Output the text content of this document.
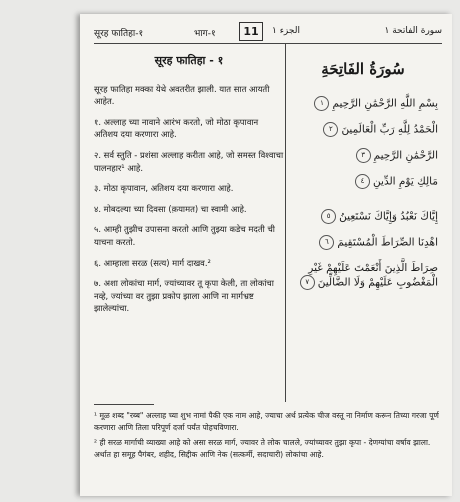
सूरह फातिहा-१	भाग-१	11	الجزء ١	سورة الفاتحة ١
सूरह फातिहा - १

सूरह फातिहा मक्का येथे अवतरीत झाली. यात सात आयती आहेत.

१. अल्लाह च्या नावाने आरंभ करतो, जो मोठा कृपावान अतिशय दया करणारा आहे.

२. सर्व स्तुति - प्रशंसा अल्लाह करीता आहे, जो समस्त विश्वाचा पालनहार¹ आहे.

३. मोठा कृपावान, अतिशय दया करणारा आहे.

४. मोबदल्या च्या दिवसा (क़यामत) चा स्वामी आहे.

५. आम्ही तुझीच उपासना करतो आणि तुझ्या कडेच मदती ची याचना करतो.

६. आम्हाला सरळ (सत्य) मार्ग दाखव.²

७. अशा लोकांचा मार्ग, ज्यांच्यावर तू कृपा केली, ता लोकांचा नव्हे, ज्यांच्या वर तुझा प्रकोप झाला आणि ना मार्गभ्रष्ट झालेल्यांचा.

سُورَةُ الفَاتِحَةِ
بِسْمِ اللَّهِ الرَّحْمَٰنِ الرَّحِيمِ١
الْحَمْدُ لِلَّهِ رَبِّ الْعَالَمِينَ٢
الرَّحْمَٰنِ الرَّحِيمِ٣
مَالِكِ يَوْمِ الدِّينِ٤
إِيَّاكَ نَعْبُدُ وَإِيَّاكَ نَسْتَعِينُ٥
اهْدِنَا الصِّرَاطَ الْمُسْتَقِيمَ٦
صِرَاطَ الَّذِينَ أَنْعَمْتَ عَلَيْهِمْ غَيْرِ الْمَغْضُوبِ عَلَيْهِمْ وَلَا الضَّالِّينَ٧

¹ मूळ शब्द "रब्ब" अल्लाह च्या शुभ नामां पैकी एक नाम आहे, ज्याचा अर्थ प्रत्येक चीज वस्तू ना निर्माण करून तिच्या गरजा पूर्ण करणारा आणि तिला परिपूर्ण दर्जा पर्यंत पोहचविणारा.

² ही सरळ मार्गाची व्याख्या आहे को असा सरळ मार्ग, ज्यावर ते लोक चालले, ज्यांच्यावर तुझा कृपा - देणग्यांचा वर्षाव झाला. अर्थात हा समूह पैगंबर, शहीद, सिद्दीक आणि नेक (सत्कर्मी, सदाचारी) लोकांचा आहे.
